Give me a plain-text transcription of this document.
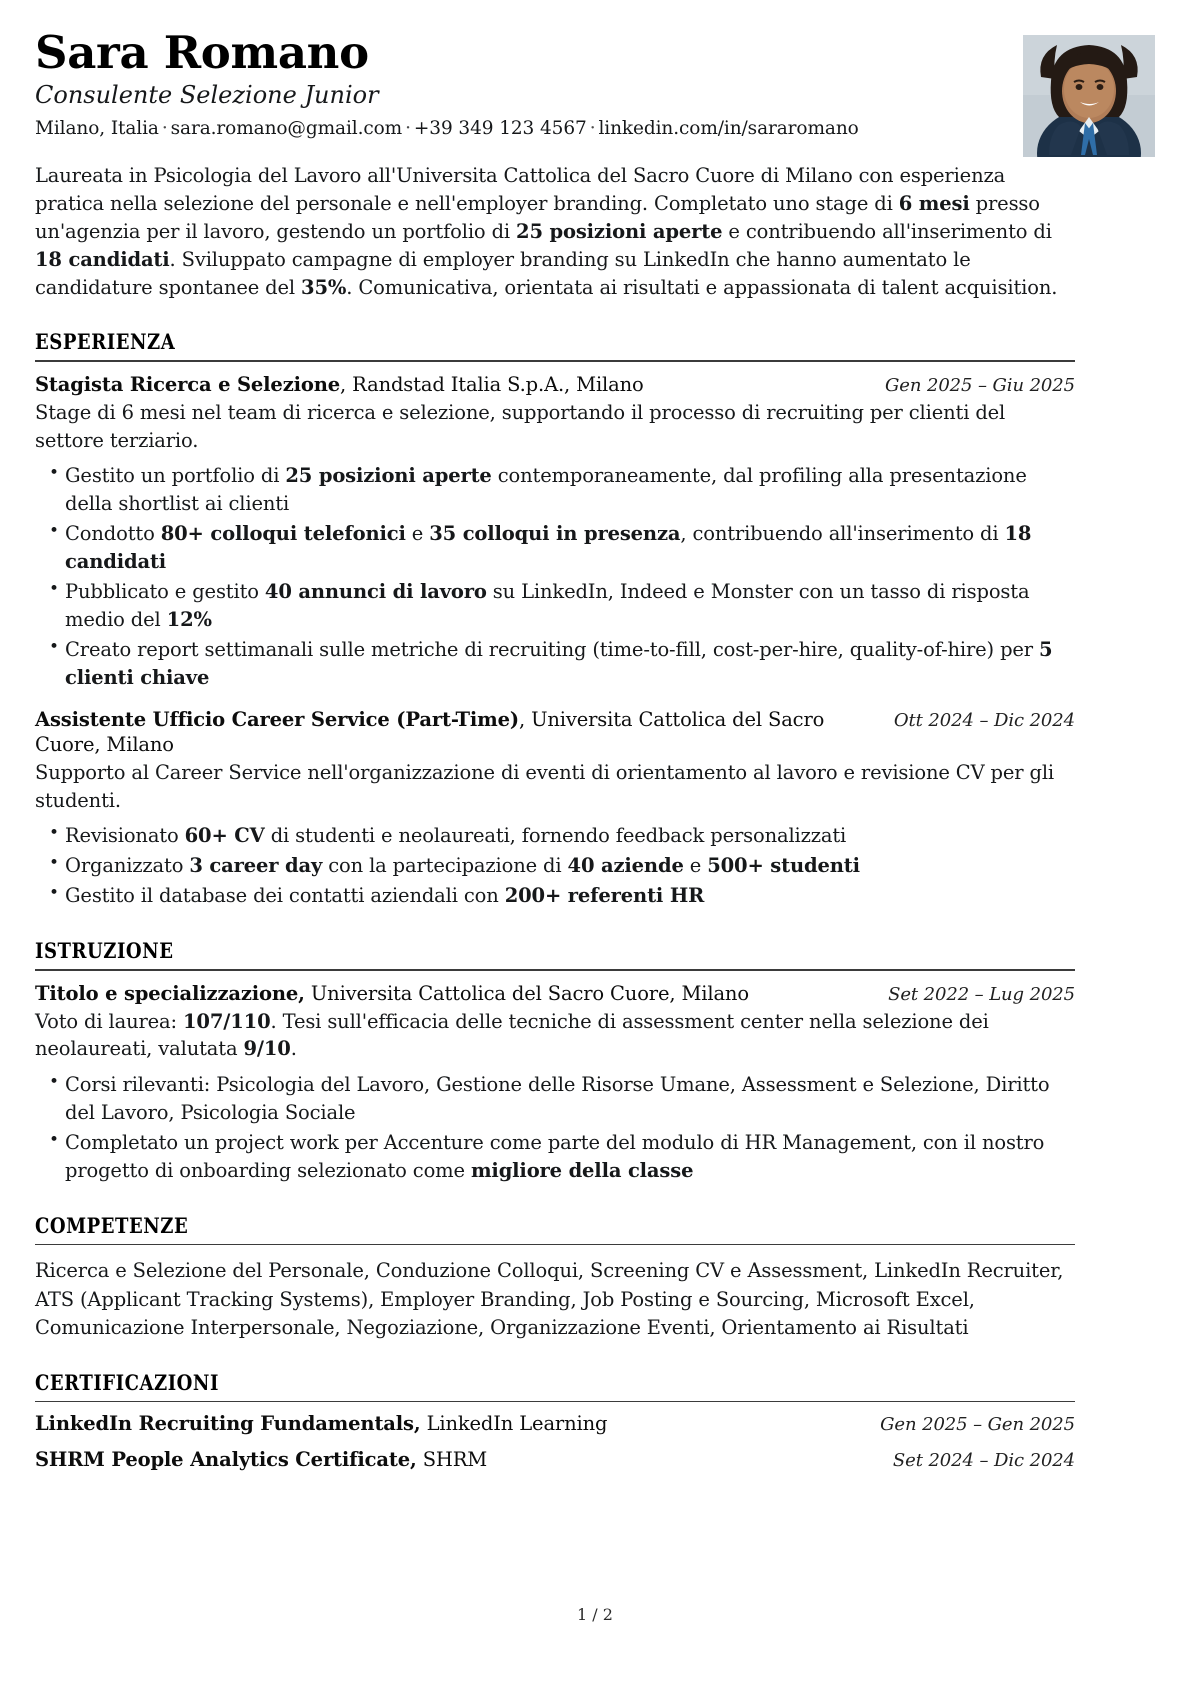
Sara Romano
Consulente Selezione Junior
Milano, Italia · sara.romano@gmail.com · +39 349 123 4567 · linkedin.com/in/sararomano

Laureata in Psicologia del Lavoro all'Universita Cattolica del Sacro Cuore di Milano con esperienza pratica nella selezione del personale e nell'employer branding. Completato uno stage di 6 mesi presso un'agenzia per il lavoro, gestendo un portfolio di 25 posizioni aperte e contribuendo all'inserimento di 18 candidati. Sviluppato campagne di employer branding su LinkedIn che hanno aumentato le candidature spontanee del 35%. Comunicativa, orientata ai risultati e appassionata di talent acquisition.

ESPERIENZA
Stagista Ricerca e Selezione, Randstad Italia S.p.A., Milano	Gen 2025 – Giu 2025
Stage di 6 mesi nel team di ricerca e selezione, supportando il processo di recruiting per clienti del settore terziario.
• Gestito un portfolio di 25 posizioni aperte contemporaneamente, dal profiling alla presentazione della shortlist ai clienti
• Condotto 80+ colloqui telefonici e 35 colloqui in presenza, contribuendo all'inserimento di 18 candidati
• Pubblicato e gestito 40 annunci di lavoro su LinkedIn, Indeed e Monster con un tasso di risposta medio del 12%
• Creato report settimanali sulle metriche di recruiting (time-to-fill, cost-per-hire, quality-of-hire) per 5 clienti chiave
Assistente Ufficio Career Service (Part-Time), Universita Cattolica del Sacro Cuore, Milano
Ott 2024 – Dic 2024
Supporto al Career Service nell'organizzazione di eventi di orientamento al lavoro e revisione CV per gli studenti.
• Revisionato 60+ CV di studenti e neolaureati, fornendo feedback personalizzati
• Organizzato 3 career day con la partecipazione di 40 aziende e 500+ studenti
• Gestito il database dei contatti aziendali con 200+ referenti HR
ISTRUZIONE
Titolo e specializzazione, Universita Cattolica del Sacro Cuore, Milano	Set 2022 – Lug 2025
Voto di laurea: 107/110. Tesi sull'efficacia delle tecniche di assessment center nella selezione dei neolaureati, valutata 9/10.
• Corsi rilevanti: Psicologia del Lavoro, Gestione delle Risorse Umane, Assessment e Selezione, Diritto del Lavoro, Psicologia Sociale
• Completato un project work per Accenture come parte del modulo di HR Management, con il nostro progetto di onboarding selezionato come migliore della classe
COMPETENZE
Ricerca e Selezione del Personale, Conduzione Colloqui, Screening CV e Assessment, LinkedIn Recruiter, ATS (Applicant Tracking Systems), Employer Branding, Job Posting e Sourcing, Microsoft Excel, Comunicazione Interpersonale, Negoziazione, Organizzazione Eventi, Orientamento ai Risultati
CERTIFICAZIONI
LinkedIn Recruiting Fundamentals, LinkedIn Learning	Gen 2025 – Gen 2025
SHRM People Analytics Certificate, SHRM	Set 2024 – Dic 2024
1 / 2
